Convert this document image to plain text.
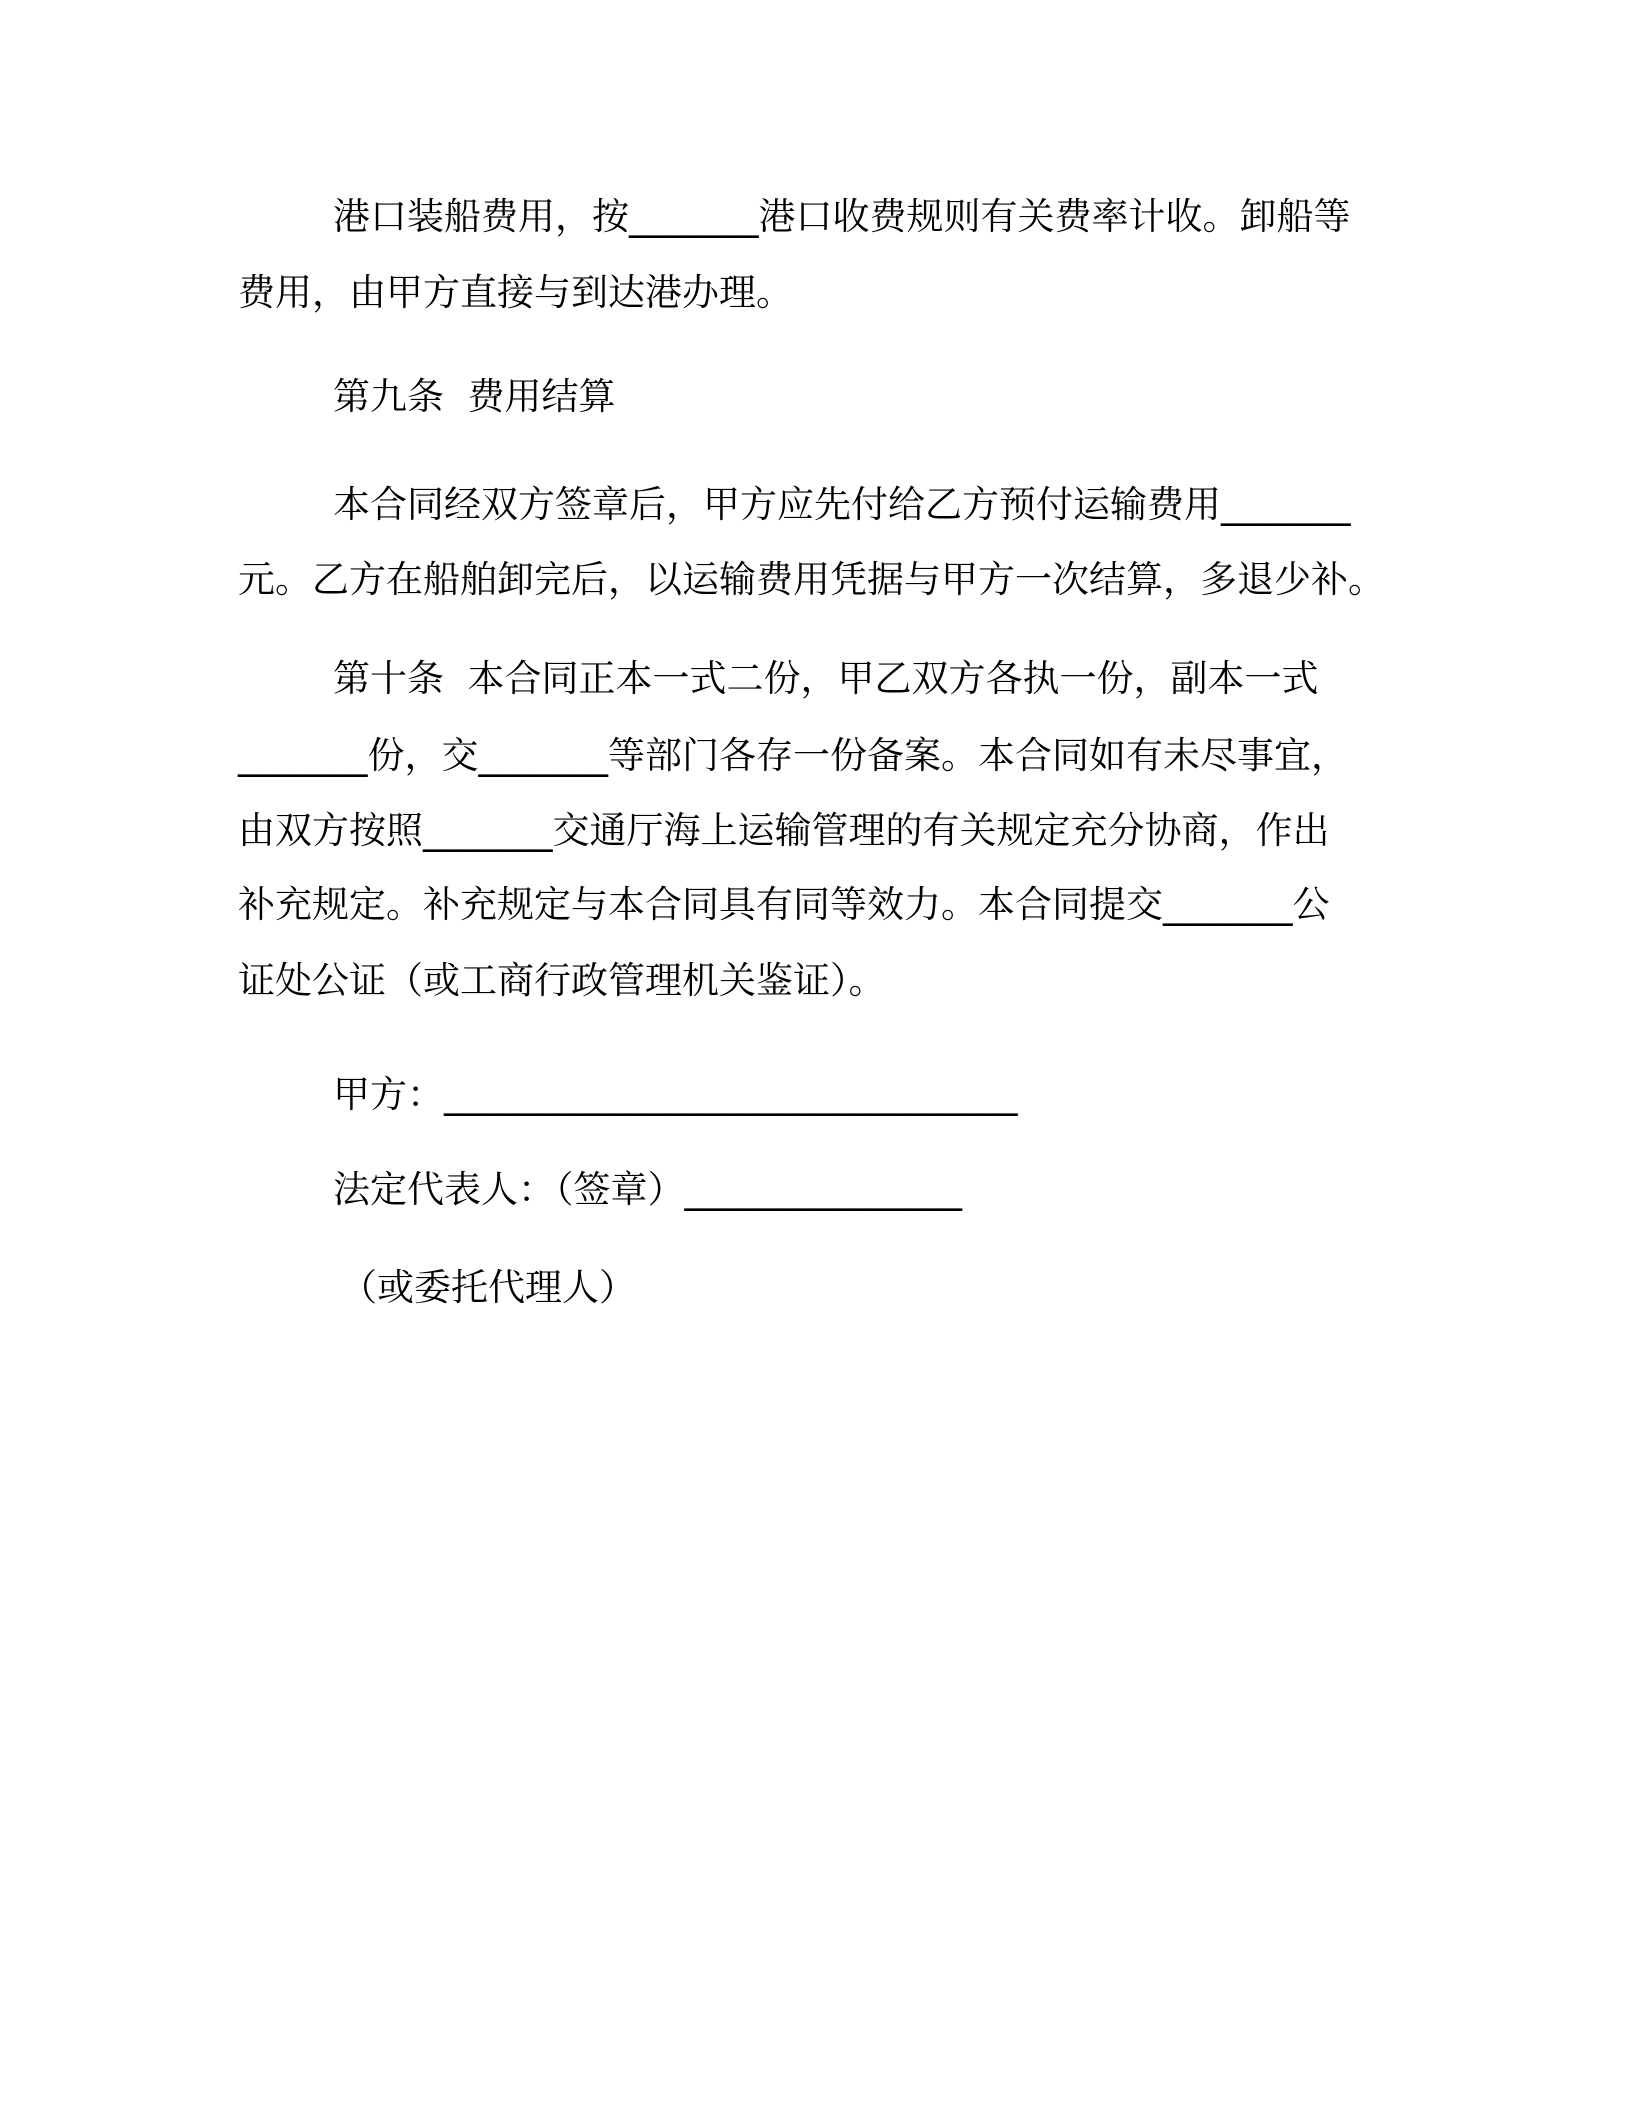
港口装船费用，按_______港口收费规则有关费率计收。卸船等
费用，由甲方直接与到达港办理。
第九条  费用结算
本合同经双方签章后，甲方应先付给乙方预付运输费用_______
元。乙方在船舶卸完后，以运输费用凭据与甲方一次结算，多退少补。
第十条  本合同正本一式二份，甲乙双方各执一份，副本一式
_______份，交_______等部门各存一份备案。本合同如有未尽事宜，
由双方按照_______交通厅海上运输管理的有关规定充分协商，作出
补充规定。补充规定与本合同具有同等效力。本合同提交_______公
证处公证（或工商行政管理机关鉴证）。
甲方：_______________________________
法定代表人：（签章）_______________
（或委托代理人）
